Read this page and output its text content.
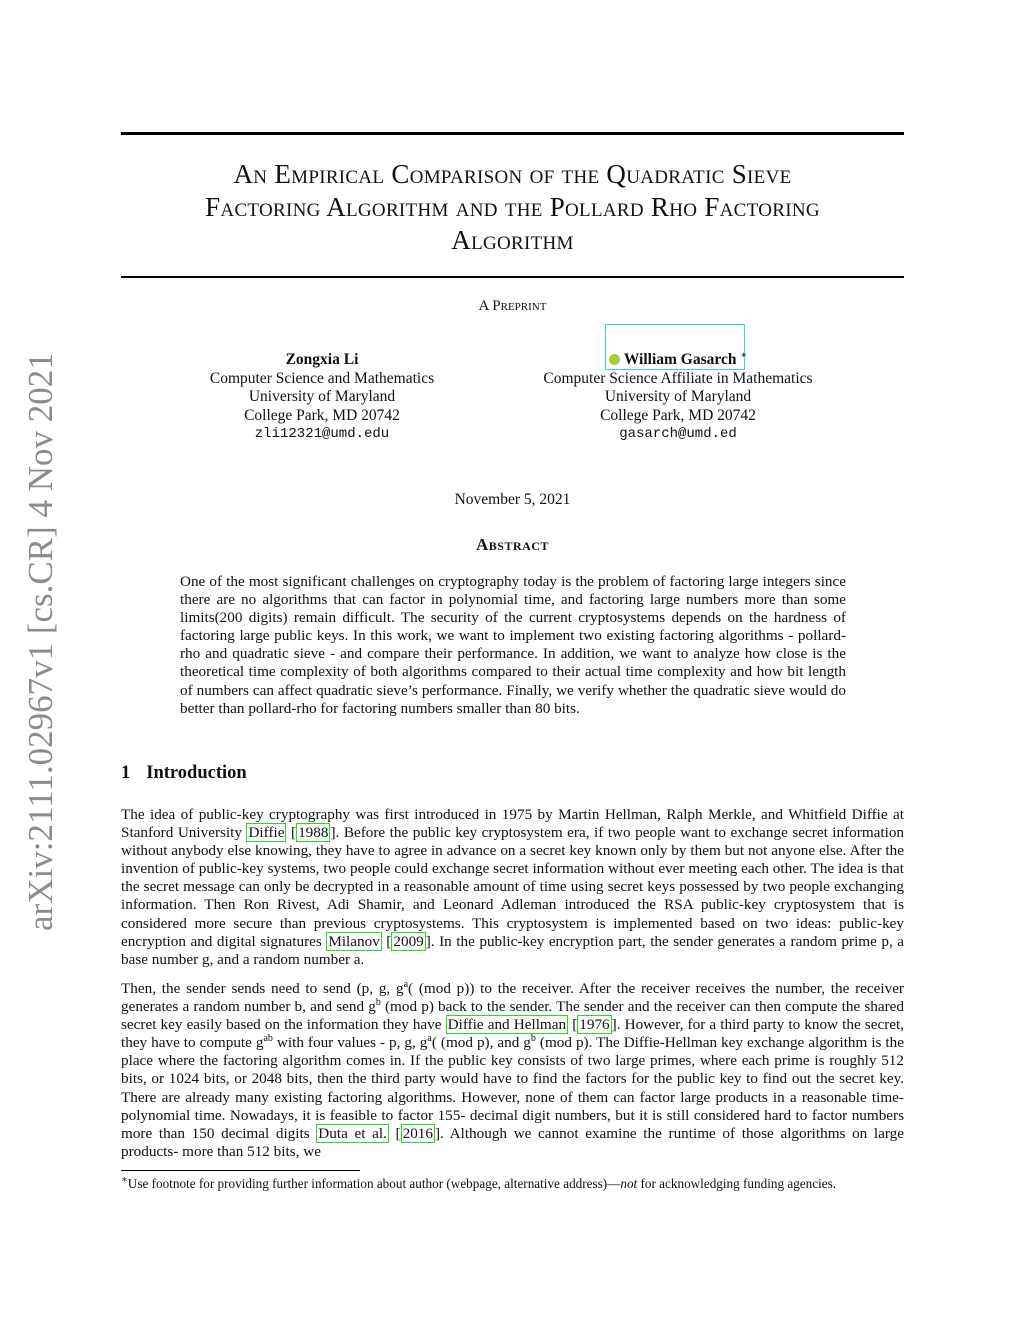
arXiv:2111.02967v1 [cs.CR] 4 Nov 2021
An Empirical Comparison of the Quadratic Sieve
Factoring Algorithm and the Pollard Rho Factoring
Algorithm
A Preprint
Zongxia Li
Computer Science and Mathematics
University of Maryland
College Park, MD 20742
zli12321@umd.edu
William Gasarch ∗
Computer Science Affiliate in Mathematics
University of Maryland
College Park, MD 20742
gasarch@umd.ed
November 5, 2021
Abstract
One of the most significant challenges on cryptography today is the problem of factoring large integers since there are no algorithms that can factor in polynomial time, and factoring large numbers more than some limits(200 digits) remain difficult. The security of the current cryptosystems depends on the hardness of factoring large public keys. In this work, we want to implement two existing factoring algorithms - pollard-rho and quadratic sieve - and compare their performance. In addition, we want to analyze how close is the theoretical time complexity of both algorithms compared to their actual time complexity and how bit length of numbers can affect quadratic sieve’s performance. Finally, we verify whether the quadratic sieve would do better than pollard-rho for factoring numbers smaller than 80 bits.
1 Introduction

The idea of public-key cryptography was first introduced in 1975 by Martin Hellman, Ralph Merkle, and Whitfield Diffie at Stanford University Diffie [ 1988 ]. Before the public key cryptosystem era, if two people want to exchange secret information without anybody else knowing, they have to agree in advance on a secret key known only by them but not anyone else. After the invention of public-key systems, two people could exchange secret information without ever meeting each other. The idea is that the secret message can only be decrypted in a reasonable amount of time using secret keys possessed by two people exchanging information. Then Ron Rivest, Adi Shamir, and Leonard Adleman introduced the RSA public-key cryptosystem that is considered more secure than previous cryptosystems. This cryptosystem is implemented based on two ideas: public-key encryption and digital signatures Milanov [ 2009 ]. In the public-key encryption part, the sender generates a random prime p, a base number g, and a random number a.

Then, the sender sends need to send (p, g, $g^a$( (mod p)) to the receiver. After the receiver receives the number, the receiver generates a random number b, and send $g^b$ (mod p) back to the sender. The sender and the receiver can then compute the shared secret key easily based on the information they have Diffie and Hellman [ 1976 ]. However, for a third party to know the secret, they have to compute $g^{ab}$ with four values - p, g, $g^a$( (mod p), and $g^b$ (mod p). The Diffie-Hellman key exchange algorithm is the place where the factoring algorithm comes in. If the public key consists of two large primes, where each prime is roughly 512 bits, or 1024 bits, or 2048 bits, then the third party would have to find the factors for the public key to find out the secret key. There are already many existing factoring algorithms. However, none of them can factor large products in a reasonable time- polynomial time. Nowadays, it is feasible to factor 155- decimal digit numbers, but it is still considered hard to factor numbers more than 150 decimal digits Duta et al. [ 2016 ]. Although we cannot examine the runtime of those algorithms on large products- more than 512 bits, we

∗Use footnote for providing further information about author (webpage, alternative address)—not for acknowledging funding agencies.
